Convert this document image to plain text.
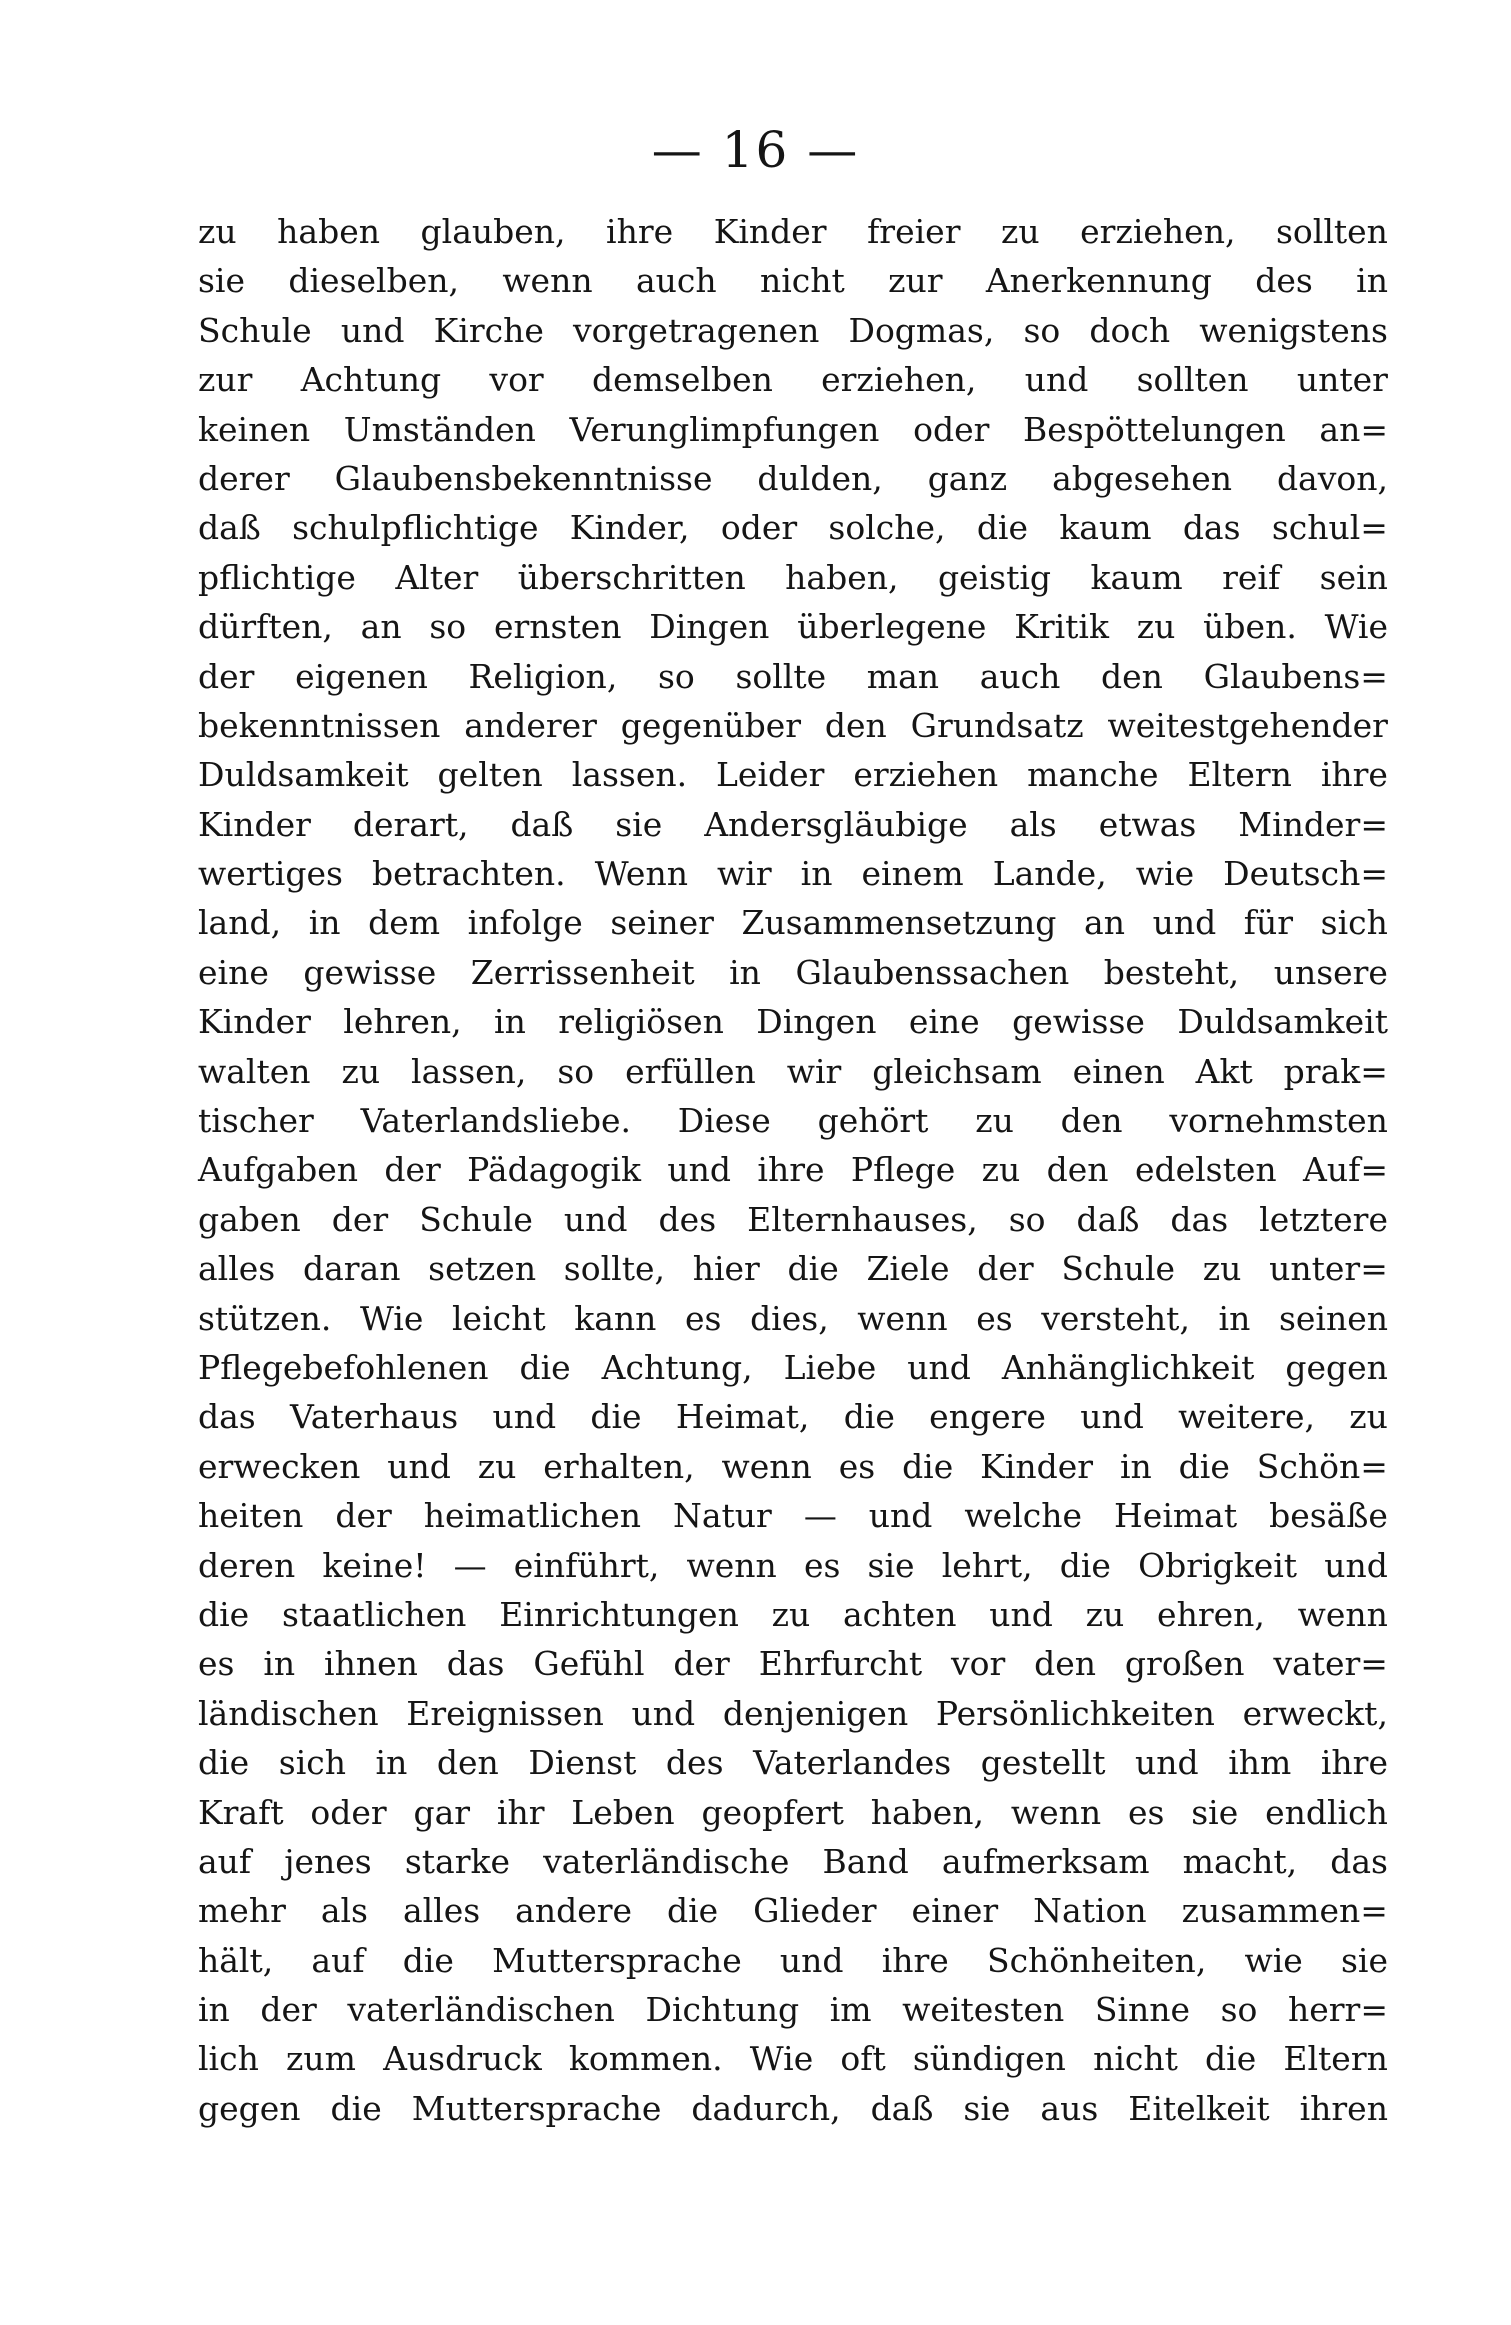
— 16 —
zu haben glauben, ihre Kinder freier zu erziehen, sollten
sie dieselben, wenn auch nicht zur Anerkennung des in
Schule und Kirche vorgetragenen Dogmas, so doch wenigstens
zur Achtung vor demselben erziehen, und sollten unter
keinen Umständen Verunglimpfungen oder Bespöttelungen an=
derer Glaubensbekenntnisse dulden, ganz abgesehen davon,
daß schulpflichtige Kinder, oder solche, die kaum das schul=
pflichtige Alter überschritten haben, geistig kaum reif sein
dürften, an so ernsten Dingen überlegene Kritik zu üben. Wie
der eigenen Religion, so sollte man auch den Glaubens=
bekenntnissen anderer gegenüber den Grundsatz weitestgehender
Duldsamkeit gelten lassen. Leider erziehen manche Eltern ihre
Kinder derart, daß sie Andersgläubige als etwas Minder=
wertiges betrachten. Wenn wir in einem Lande, wie Deutsch=
land, in dem infolge seiner Zusammensetzung an und für sich
eine gewisse Zerrissenheit in Glaubenssachen besteht, unsere
Kinder lehren, in religiösen Dingen eine gewisse Duldsamkeit
walten zu lassen, so erfüllen wir gleichsam einen Akt prak=
tischer Vaterlandsliebe. Diese gehört zu den vornehmsten
Aufgaben der Pädagogik und ihre Pflege zu den edelsten Auf=
gaben der Schule und des Elternhauses, so daß das letztere
alles daran setzen sollte, hier die Ziele der Schule zu unter=
stützen. Wie leicht kann es dies, wenn es versteht, in seinen
Pflegebefohlenen die Achtung, Liebe und Anhänglichkeit gegen
das Vaterhaus und die Heimat, die engere und weitere, zu
erwecken und zu erhalten, wenn es die Kinder in die Schön=
heiten der heimatlichen Natur — und welche Heimat besäße
deren keine! — einführt, wenn es sie lehrt, die Obrigkeit und
die staatlichen Einrichtungen zu achten und zu ehren, wenn
es in ihnen das Gefühl der Ehrfurcht vor den großen vater=
ländischen Ereignissen und denjenigen Persönlichkeiten erweckt,
die sich in den Dienst des Vaterlandes gestellt und ihm ihre
Kraft oder gar ihr Leben geopfert haben, wenn es sie endlich
auf jenes starke vaterländische Band aufmerksam macht, das
mehr als alles andere die Glieder einer Nation zusammen=
hält, auf die Muttersprache und ihre Schönheiten, wie sie
in der vaterländischen Dichtung im weitesten Sinne so herr=
lich zum Ausdruck kommen. Wie oft sündigen nicht die Eltern
gegen die Muttersprache dadurch, daß sie aus Eitelkeit ihren
